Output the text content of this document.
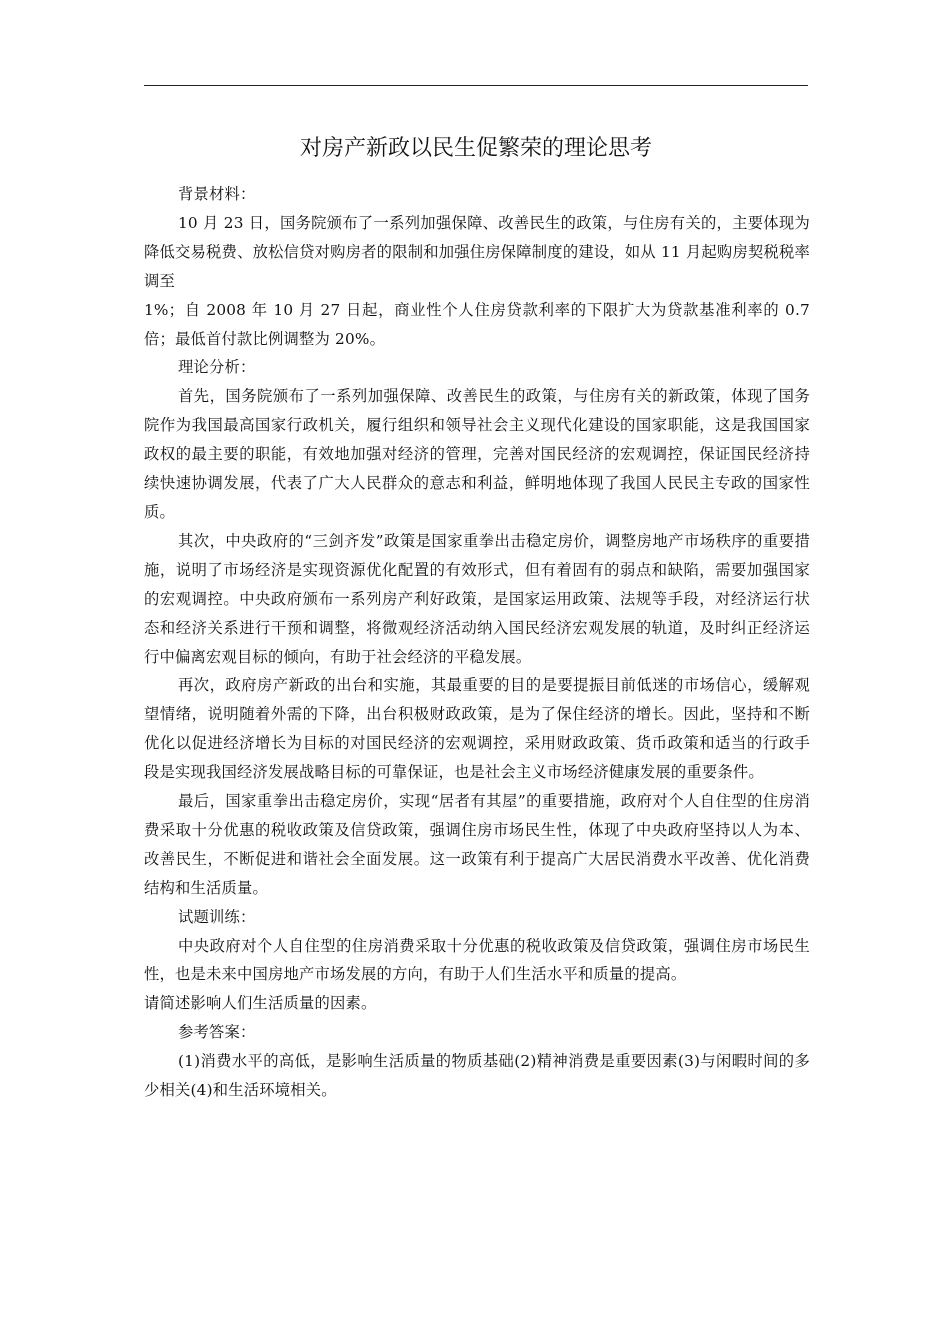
对房产新政以民生促繁荣的理论思考

背景材料：

10 月 23 日，国务院颁布了一系列加强保障、改善民生的政策，与住房有关的，主要体现为降低交易税费、放松信贷对购房者的限制和加强住房保障制度的建设，如从 11 月起购房契税税率调至

1%；自 2008 年 10 月 27 日起，商业性个人住房贷款利率的下限扩大为贷款基准利率的 0.7 倍；最低首付款比例调整为 20%。

理论分析：

首先，国务院颁布了一系列加强保障、改善民生的政策，与住房有关的新政策，体现了国务院作为我国最高国家行政机关，履行组织和领导社会主义现代化建设的国家职能，这是我国国家政权的最主要的职能，有效地加强对经济的管理，完善对国民经济的宏观调控，保证国民经济持续快速协调发展，代表了广大人民群众的意志和利益，鲜明地体现了我国人民民主专政的国家性质。

其次，中央政府的“三剑齐发”政策是国家重拳出击稳定房价，调整房地产市场秩序的重要措施，说明了市场经济是实现资源优化配置的有效形式，但有着固有的弱点和缺陷，需要加强国家的宏观调控。中央政府颁布一系列房产利好政策，是国家运用政策、法规等手段，对经济运行状态和经济关系进行干预和调整，将微观经济活动纳入国民经济宏观发展的轨道，及时纠正经济运行中偏离宏观目标的倾向，有助于社会经济的平稳发展。

再次，政府房产新政的出台和实施，其最重要的目的是要提振目前低迷的市场信心，缓解观望情绪，说明随着外需的下降，出台积极财政政策，是为了保住经济的增长。因此，坚持和不断优化以促进经济增长为目标的对国民经济的宏观调控，采用财政政策、货币政策和适当的行政手段是实现我国经济发展战略目标的可靠保证，也是社会主义市场经济健康发展的重要条件。

最后，国家重拳出击稳定房价，实现“居者有其屋”的重要措施，政府对个人自住型的住房消费采取十分优惠的税收政策及信贷政策，强调住房市场民生性，体现了中央政府坚持以人为本、改善民生，不断促进和谐社会全面发展。这一政策有利于提高广大居民消费水平改善、优化消费结构和生活质量。

试题训练：

中央政府对个人自住型的住房消费采取十分优惠的税收政策及信贷政策，强调住房市场民生性，也是未来中国房地产市场发展的方向，有助于人们生活水平和质量的提高。

请简述影响人们生活质量的因素。

参考答案：

(1)消费水平的高低，是影响生活质量的物质基础(2)精神消费是重要因素(3)与闲暇时间的多少相关(4)和生活环境相关。
